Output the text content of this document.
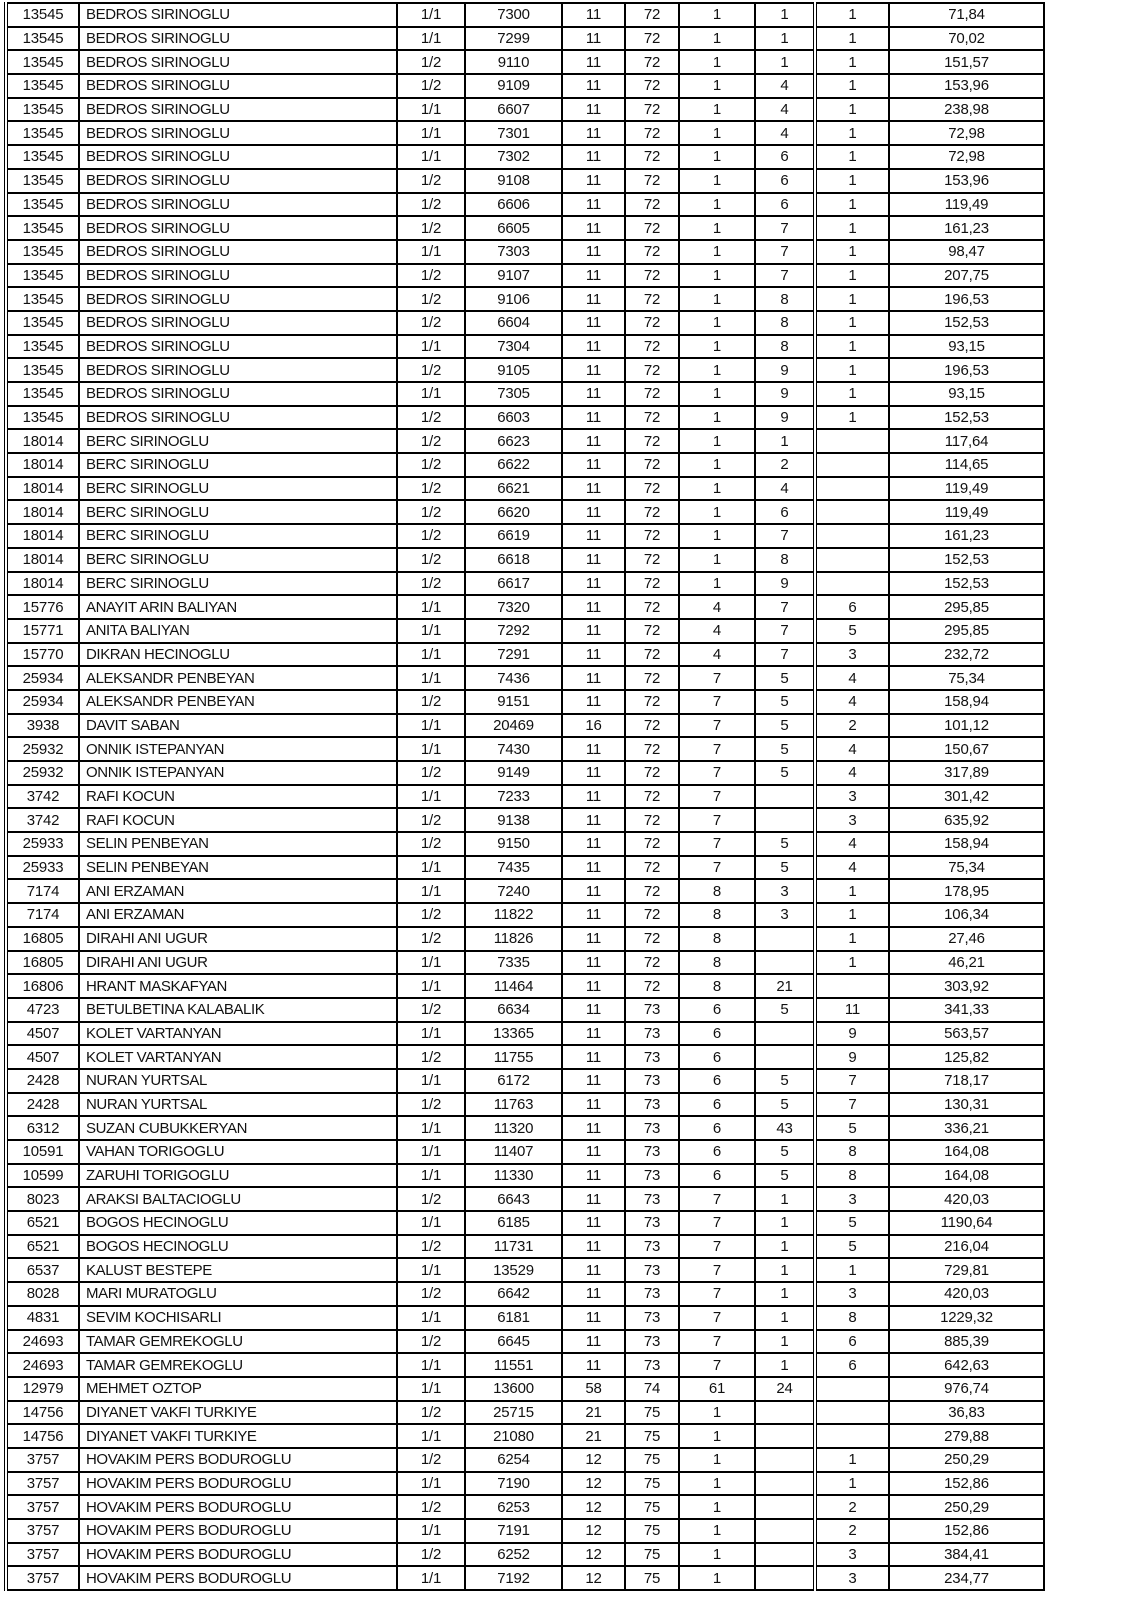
13545	BEDROS SIRINOGLU	1/1	7300	11	72	1	1	1	71,84
13545	BEDROS SIRINOGLU	1/1	7299	11	72	1	1	1	70,02
13545	BEDROS SIRINOGLU	1/2	9110	11	72	1	1	1	151,57
13545	BEDROS SIRINOGLU	1/2	9109	11	72	1	4	1	153,96
13545	BEDROS SIRINOGLU	1/1	6607	11	72	1	4	1	238,98
13545	BEDROS SIRINOGLU	1/1	7301	11	72	1	4	1	72,98
13545	BEDROS SIRINOGLU	1/1	7302	11	72	1	6	1	72,98
13545	BEDROS SIRINOGLU	1/2	9108	11	72	1	6	1	153,96
13545	BEDROS SIRINOGLU	1/2	6606	11	72	1	6	1	119,49
13545	BEDROS SIRINOGLU	1/2	6605	11	72	1	7	1	161,23
13545	BEDROS SIRINOGLU	1/1	7303	11	72	1	7	1	98,47
13545	BEDROS SIRINOGLU	1/2	9107	11	72	1	7	1	207,75
13545	BEDROS SIRINOGLU	1/2	9106	11	72	1	8	1	196,53
13545	BEDROS SIRINOGLU	1/2	6604	11	72	1	8	1	152,53
13545	BEDROS SIRINOGLU	1/1	7304	11	72	1	8	1	93,15
13545	BEDROS SIRINOGLU	1/2	9105	11	72	1	9	1	196,53
13545	BEDROS SIRINOGLU	1/1	7305	11	72	1	9	1	93,15
13545	BEDROS SIRINOGLU	1/2	6603	11	72	1	9	1	152,53
18014	BERC SIRINOGLU	1/2	6623	11	72	1	1		117,64
18014	BERC SIRINOGLU	1/2	6622	11	72	1	2		114,65
18014	BERC SIRINOGLU	1/2	6621	11	72	1	4		119,49
18014	BERC SIRINOGLU	1/2	6620	11	72	1	6		119,49
18014	BERC SIRINOGLU	1/2	6619	11	72	1	7		161,23
18014	BERC SIRINOGLU	1/2	6618	11	72	1	8		152,53
18014	BERC SIRINOGLU	1/2	6617	11	72	1	9		152,53
15776	ANAYIT ARIN BALIYAN	1/1	7320	11	72	4	7	6	295,85
15771	ANITA BALIYAN	1/1	7292	11	72	4	7	5	295,85
15770	DIKRAN HECINOGLU	1/1	7291	11	72	4	7	3	232,72
25934	ALEKSANDR PENBEYAN	1/1	7436	11	72	7	5	4	75,34
25934	ALEKSANDR PENBEYAN	1/2	9151	11	72	7	5	4	158,94
3938	DAVIT SABAN	1/1	20469	16	72	7	5	2	101,12
25932	ONNIK ISTEPANYAN	1/1	7430	11	72	7	5	4	150,67
25932	ONNIK ISTEPANYAN	1/2	9149	11	72	7	5	4	317,89
3742	RAFI KOCUN	1/1	7233	11	72	7		3	301,42
3742	RAFI KOCUN	1/2	9138	11	72	7		3	635,92
25933	SELIN PENBEYAN	1/2	9150	11	72	7	5	4	158,94
25933	SELIN PENBEYAN	1/1	7435	11	72	7	5	4	75,34
7174	ANI ERZAMAN	1/1	7240	11	72	8	3	1	178,95
7174	ANI ERZAMAN	1/2	11822	11	72	8	3	1	106,34
16805	DIRAHI ANI UGUR	1/2	11826	11	72	8		1	27,46
16805	DIRAHI ANI UGUR	1/1	7335	11	72	8		1	46,21
16806	HRANT MASKAFYAN	1/1	11464	11	72	8	21		303,92
4723	BETULBETINA KALABALIK	1/2	6634	11	73	6	5	11	341,33
4507	KOLET VARTANYAN	1/1	13365	11	73	6		9	563,57
4507	KOLET VARTANYAN	1/2	11755	11	73	6		9	125,82
2428	NURAN YURTSAL	1/1	6172	11	73	6	5	7	718,17
2428	NURAN YURTSAL	1/2	11763	11	73	6	5	7	130,31
6312	SUZAN CUBUKKERYAN	1/1	11320	11	73	6	43	5	336,21
10591	VAHAN TORIGOGLU	1/1	11407	11	73	6	5	8	164,08
10599	ZARUHI TORIGOGLU	1/1	11330	11	73	6	5	8	164,08
8023	ARAKSI BALTACIOGLU	1/2	6643	11	73	7	1	3	420,03
6521	BOGOS HECINOGLU	1/1	6185	11	73	7	1	5	1190,64
6521	BOGOS HECINOGLU	1/2	11731	11	73	7	1	5	216,04
6537	KALUST BESTEPE	1/1	13529	11	73	7	1	1	729,81
8028	MARI MURATOGLU	1/2	6642	11	73	7	1	3	420,03
4831	SEVIM KOCHISARLI	1/1	6181	11	73	7	1	8	1229,32
24693	TAMAR GEMREKOGLU	1/2	6645	11	73	7	1	6	885,39
24693	TAMAR GEMREKOGLU	1/1	11551	11	73	7	1	6	642,63
12979	MEHMET OZTOP	1/1	13600	58	74	61	24		976,74
14756	DIYANET VAKFI TURKIYE	1/2	25715	21	75	1			36,83
14756	DIYANET VAKFI TURKIYE	1/1	21080	21	75	1			279,88
3757	HOVAKIM PERS BODUROGLU	1/2	6254	12	75	1		1	250,29
3757	HOVAKIM PERS BODUROGLU	1/1	7190	12	75	1		1	152,86
3757	HOVAKIM PERS BODUROGLU	1/2	6253	12	75	1		2	250,29
3757	HOVAKIM PERS BODUROGLU	1/1	7191	12	75	1		2	152,86
3757	HOVAKIM PERS BODUROGLU	1/2	6252	12	75	1		3	384,41
3757	HOVAKIM PERS BODUROGLU	1/1	7192	12	75	1		3	234,77
